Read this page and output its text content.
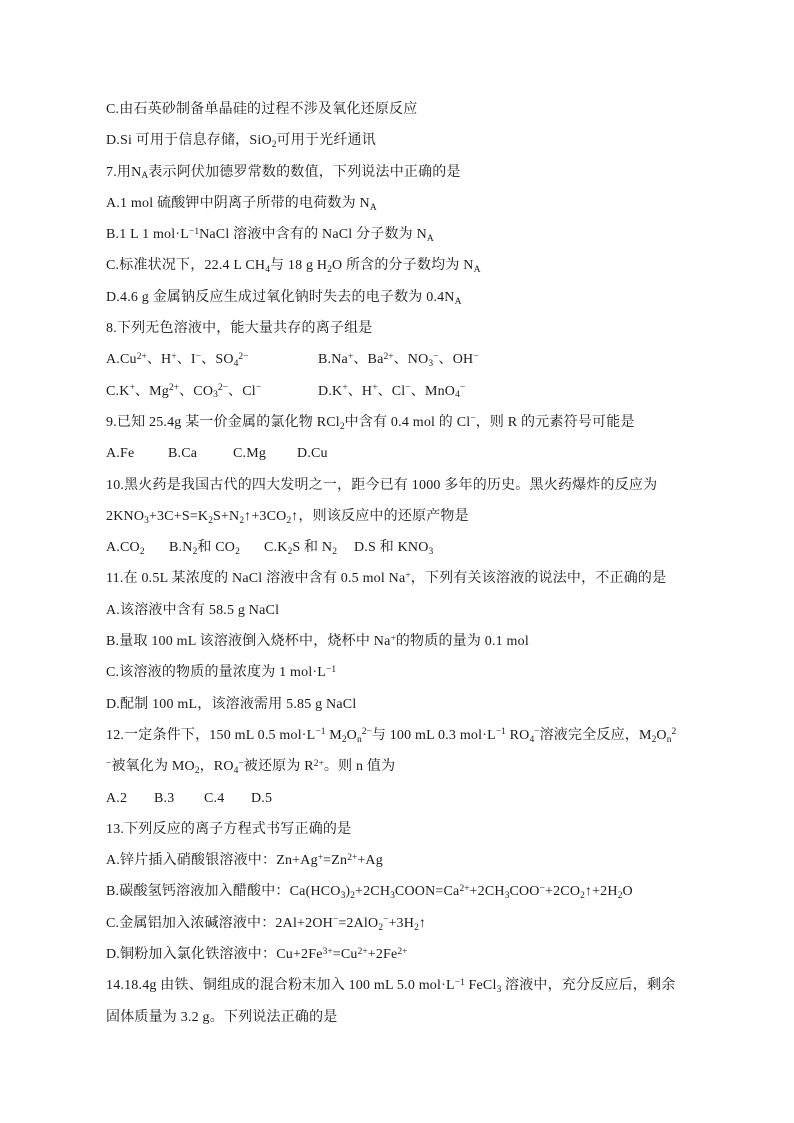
C.由石英砂制备单晶硅的过程不涉及氧化还原反应
D.Si 可用于信息存储，SiO2可用于光纤通讯
7.用NA表示阿伏加德罗常数的数值，下列说法中正确的是
A.1 mol 硫酸钾中阴离子所带的电荷数为 NA
B.1 L 1 $mol\cdot L^{-1}NaCl$ 溶液中含有的 NaCl 分子数为 NA
C.标准状况下，22.4 L CH4与 18 g H2O 所含的分子数均为 NA
D.4.6 g 金属钠反应生成过氧化钠时失去的电子数为 0.4NA
8.下列无色溶液中，能大量共存的离子组是
$A.Cu^{2+}$、H+、I−、$SO4^{2-}$	B.Na+、$Ba^{2+}$、NO3−、OH−
C.K+、$Mg^{2+}$、$CO3^{2-}$、Cl−	D.K+、H+、Cl−、MnO4−
9.已知 25.4g 某一价金属的氯化物 RCl2中含有 0.4 mol 的 Cl−，则 R 的元素符号可能是
A.Fe B.Ca	C.Mg D.Cu
10.黑火药是我国古代的四大发明之一，距今已有 1000 多年的历史。黑火药爆炸的反应为
2KNO3+3C+S=K2S+N2↑+3CO2↑，则该反应中的还原产物是
A.CO2 B.N2和 CO2 C.K2S 和 N2 D.S 和 KNO3
11.在 0.5L 某浓度的 NaCl 溶液中含有 0.5 mol Na+，下列有关该溶液的说法中，不正确的是
A.该溶液中含有 58.5 g NaCl
B.量取 100 mL 该溶液倒入烧杯中，烧杯中 Na+的物质的量为 0.1 mol
C.该溶液的物质的量浓度为 1 $mol\cdot L^{-1}$
D.配制 100 mL，该溶液需用 5.85 g NaCl
12.一定条件下，150 mL 0.5 $mol\cdot L^{-1}$ $M2On^{2-}$与 100 mL 0.3 $mol\cdot L^{-1}$ RO4−溶液完全反应，M2On$^2$
−被氧化为 MO2，RO4−被还原为 $R^{2+}$。则 n 值为
A.2 B.3 C.4 D.5
13.下列反应的离子方程式书写正确的是
A.锌片插入硝酸银溶液中：$Zn+Ag^+=Zn^{2+}+Ag$
B.碳酸氢钙溶液加入醋酸中：$Ca(HCO3)2+2CH3COON=Ca^{2+}+2CH3COO^-+2CO2↑+2H2O$
C.金属铝加入浓碱溶液中：2Al+2OH−=2AlO2−+3H2↑
D.铜粉加入氯化铁溶液中：$Cu+2Fe^{3+}=Cu^{2+}+2Fe^{2+}$
14.18.4g 由铁、铜组成的混合粉末加入 100 mL 5.0 $mol\cdot L^{-1}$ FeCl3 溶液中，充分反应后，剩余
固体质量为 3.2 g。下列说法正确的是
